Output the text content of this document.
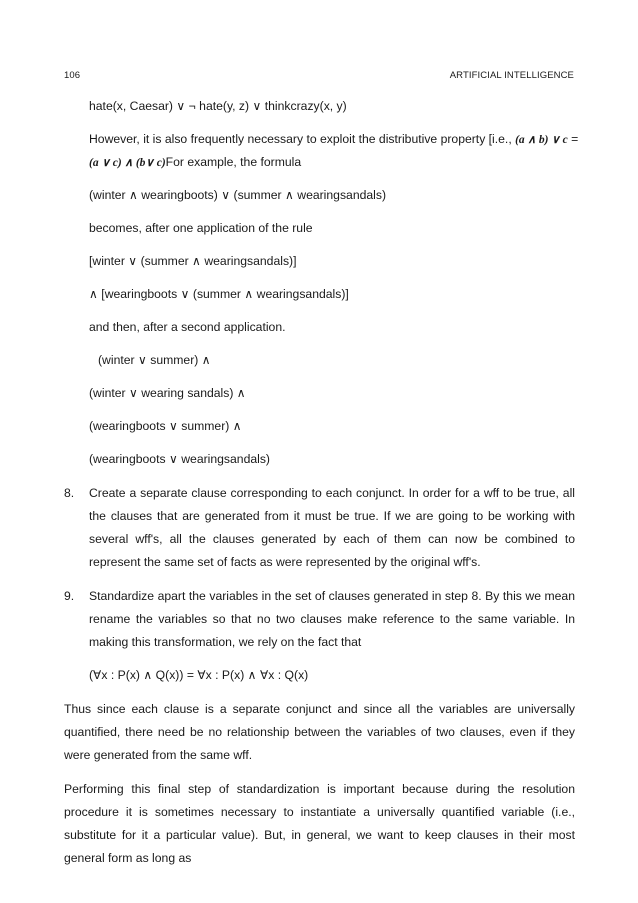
106	ARTIFICIAL INTELLIGENCE
hate(x, Caesar) ∨ ¬ hate(y, z) ∨ thinkcrazy(x, y)
However, it is also frequently necessary to exploit the distributive property [i.e., (a ∧ b) ∨ c =
(a ∨ c) ∧ (b∨ c)For example, the formula
(winter ∧ wearingboots) ∨ (summer ∧ wearingsandals)
becomes, after one application of the rule
[winter ∨ (summer ∧ wearingsandals)]
∧ [wearingboots ∨ (summer ∧ wearingsandals)]
and then, after a second application.
(winter ∨ summer) ∧
(winter ∨ wearing sandals) ∧
(wearingboots ∨ summer) ∧
(wearingboots ∨ wearingsandals)
8. Create a separate clause corresponding to each conjunct. In order for a wff to be true, all the clauses that are generated from it must be true. If we are going to be working with several wff's, all the clauses generated by each of them can now be combined to represent the same set of facts as were represented by the original wff's.
9. Standardize apart the variables in the set of clauses generated in step 8. By this we mean rename the variables so that no two clauses make reference to the same variable. In making this transformation, we rely on the fact that
(∀x : P(x) ∧ Q(x)) = ∀x : P(x) ∧ ∀x : Q(x)
Thus since each clause is a separate conjunct and since all the variables are universally quantified, there need be no relationship between the variables of two clauses, even if they were generated from the same wff.
Performing this final step of standardization is important because during the resolution procedure it is sometimes necessary to instantiate a universally quantified variable (i.e., substitute for it a particular value). But, in general, we want to keep clauses in their most general form as long as
